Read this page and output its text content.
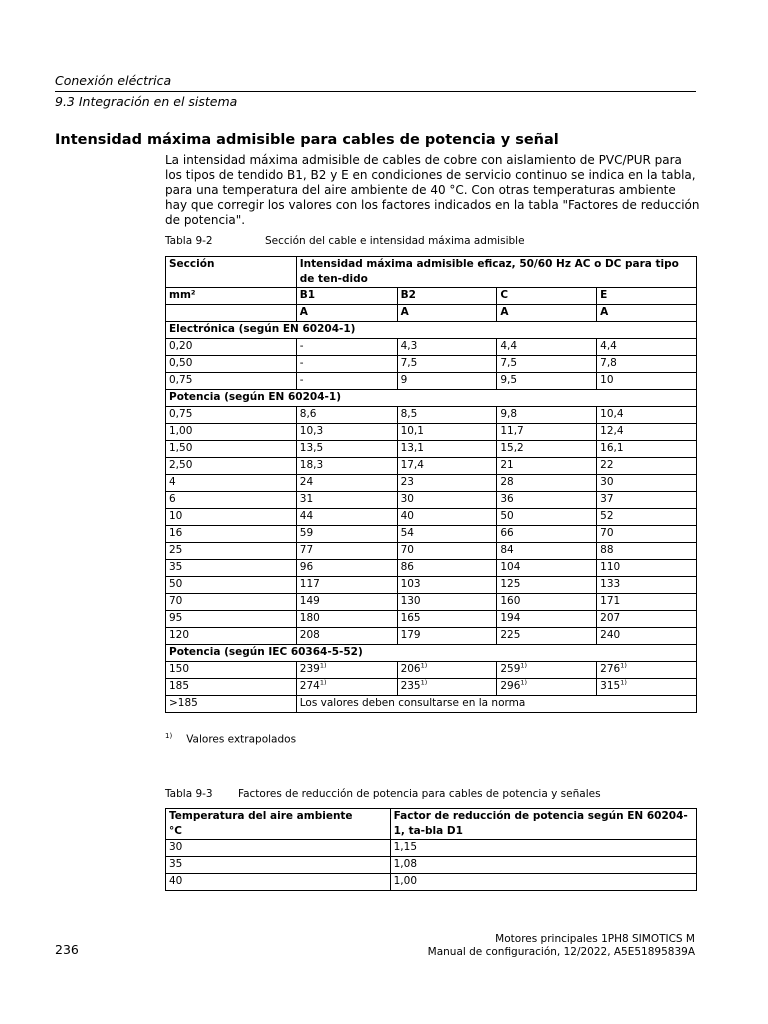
Conexión eléctrica
9.3 Integración en el sistema
Intensidad máxima admisible para cables de potencia y señal

La intensidad máxima admisible de cables de cobre con aislamiento de PVC/PUR para los tipos de tendido B1, B2 y E en condiciones de servicio continuo se indica en la tabla, para una temperatura del aire ambiente de 40 °C. Con otras temperaturas ambiente hay que corregir los valores con los factores indicados en la tabla "Factores de reducción de potencia".

Tabla 9-2	Sección del cable e intensidad máxima admisible
Sección	Intensidad máxima admisible eficaz, 50/60 Hz AC o DC para tipo de ten-dido			
mm²	B1	B2	C	E
	A	A	A	A
Electrónica (según EN 60204-1)				
0,20	-	4,3	4,4	4,4
0,50	-	7,5	7,5	7,8
0,75	-	9	9,5	10
Potencia (según EN 60204-1)				
0,75	8,6	8,5	9,8	10,4
1,00	10,3	10,1	11,7	12,4
1,50	13,5	13,1	15,2	16,1
2,50	18,3	17,4	21	22
4	24	23	28	30
6	31	30	36	37
10	44	40	50	52
16	59	54	66	70
25	77	70	84	88
35	96	86	104	110
50	117	103	125	133
70	149	130	160	171
95	180	165	194	207
120	208	179	225	240
Potencia (según IEC 60364-5-52)				
150	239$^{1)}$	206$^{1)}$	259$^{1)}$	276$^{1)}$
185	274$^{1)}$	235$^{1)}$	296$^{1)}$	$315^{1)}$
>185	Los valores deben consultarse en la norma			
$^{1)}$ Valores extrapolados
Tabla 9-3 Factores de reducción de potencia para cables de potencia y señales
Temperatura del aire ambiente
°C	Factor de reducción de potencia según EN 60204-1, ta-bla D1
30	1,15
35	1,08
40	1,00
236
Motores principales 1PH8 SIMOTICS M
Manual de configuración, 12/2022, A5E51895839A
